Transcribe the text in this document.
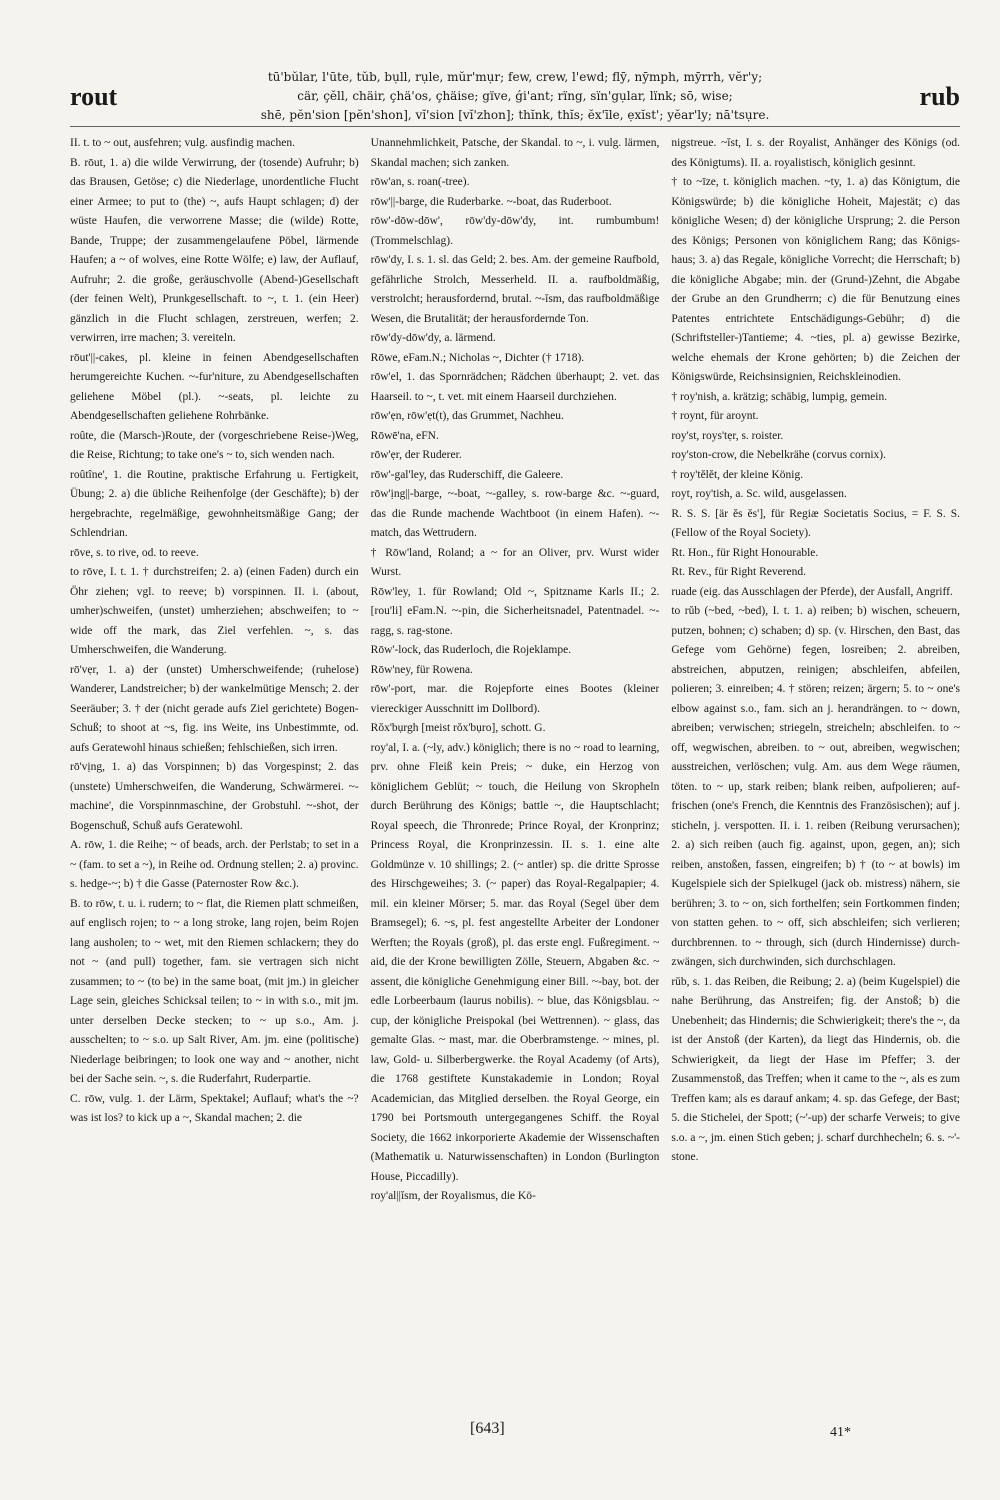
rout
tū'bŭlar, l'ūte, tŭb, bụll, rụle, mŭr'mụr; few, crew, l'ewd; flȳ, nȳmph, mȳrrh, vĕr'y;
cär, çĕll, chäir, çhä'os, çhäise; gïve, ǵi'ant; rïng, sïn'gụlar, lïnk; sō, wise;
shē, pĕn'sion [pĕn'shon], vĭ'sion [vĭ'zhon]; thĭnk, thĭs; ĕx'īle, ẹxĭst'; yĕar'ly; nā'tsụre.
rub

II. t. to ~ out, ausfehren; vulg. ausfindig machen.

B. rōut, 1. a) die wilde Verwirrung, der (tosende) Aufruhr; b) das Brausen, Getöse; c) die Niederlage, unordentliche Flucht einer Armee; to put to (the) ~, aufs Haupt schlagen; d) der wüste Haufen, die verworrene Masse; die (wilde) Rotte, Bande, Truppe; der zusammengelaufene Pöbel, lärmende Haufen; a ~ of wolves, eine Rotte Wölfe; e) law, der Auflauf, Aufruhr; 2. die große, geräuschvolle (Abend-)Gesellschaft (der feinen Welt), Prunkgesellschaft. to ~, t. 1. (ein Heer) gänzlich in die Flucht schlagen, zerstreuen, werfen; 2. verwirren, irre machen; 3. vereiteln.

rōut'||-cakes, pl. kleine in feinen Abendgesellschaften herumgereichte Kuchen. ~-fur'niture, zu Abendgesellschaften geliehene Möbel (pl.). ~-seats, pl. leichte zu Abendgesellschaften geliehene Rohrbänke.

roûte, die (Marsch-)Route, der (vorgeschriebene Reise-)Weg, die Reise, Richtung; to take one's ~ to, sich wenden nach.

roûtîne', 1. die Routine, praktische Erfahrung u. Fertigkeit, Übung; 2. a) die übliche Reihenfolge (der Geschäfte); b) der hergebrachte, regelmäßige, gewohnheitsmäßige Gang; der Schlendrian.

rōve, s. to rive, od. to reeve.

to rōve, I. t. 1. † durchstreifen; 2. a) (einen Faden) durch ein Öhr ziehen; vgl. to reeve; b) vorspinnen. II. i. (about, umher)schweifen, (unstet) umherziehen; abschweifen; to ~ wide off the mark, das Ziel verfehlen. ~, s. das Umherschweifen, die Wanderung.

rō'vẹr, 1. a) der (unstet) Umherschweifende; (ruhelose) Wanderer, Landstreicher; b) der wankelmütige Mensch; 2. der Seeräuber; 3. † der (nicht gerade aufs Ziel gerichtete) Bogen-Schuß; to shoot at ~s, fig. ins Weite, ins Unbestimmte, od. aufs Geratewohl hinaus schießen; fehlschießen, sich irren.

rō'vịng, 1. a) das Vorspinnen; b) das Vorgespinst; 2. das (unstete) Umherschweifen, die Wanderung, Schwärmerei. ~-machine', die Vorspinnmaschine, der Grobstuhl. ~-shot, der Bogenschuß, Schuß aufs Geratewohl.

A. rōw, 1. die Reihe; ~ of beads, arch. der Perlstab; to set in a ~ (fam. to set a ~), in Reihe od. Ordnung stellen; 2. a) provinc. s. hedge-~; b) † die Gasse (Paternoster Row &c.).

B. to rōw, t. u. i. rudern; to ~ flat, die Riemen platt schmeißen, auf englisch rojen; to ~ a long stroke, lang rojen, beim Rojen lang ausholen; to ~ wet, mit den Riemen schlackern; they do not ~ (and pull) together, fam. sie vertragen sich nicht zusammen; to ~ (to be) in the same boat, (mit jm.) in gleicher Lage sein, gleiches Schicksal teilen; to ~ in with s.o., mit jm. unter derselben Decke stecken; to ~ up s.o., Am. j. ausschelten; to ~ s.o. up Salt River, Am. jm. eine (politische) Niederlage beibringen; to look one way and ~ another, nicht bei der Sache sein. ~, s. die Ruderfahrt, Ruderpartie.

C. rōw, vulg. 1. der Lärm, Spektakel; Auflauf; what's the ~? was ist los? to kick up a ~, Skandal machen; 2. die

Unannehmlichkeit, Patsche, der Skandal. to ~, i. vulg. lärmen, Skandal machen; sich zanken.

rōw'an, s. roan(-tree).

rōw'||-barge, die Ruderbarke. ~-boat, das Ruderboot.

rōw'-dōw-dōw', rōw'dy-dōw'dy, int. rumbumbum! (Trommelschlag).

rōw'dy, I. s. 1. sl. das Geld; 2. bes. Am. der gemeine Raufbold, gefährliche Strolch, Messerheld. II. a. raufboldmäßig, verstrolcht; herausfordernd, brutal. ~-ĭsm, das raufboldmäßige Wesen, die Brutalität; der herausfordernde Ton.

rōw'dy-dōw'dy, a. lärmend.

Rōwe, eFam.N.; Nicholas ~, Dichter († 1718).

rōw'el, 1. das Spornrädchen; Rädchen überhaupt; 2. vet. das Haarseil. to ~, t. vet. mit einem Haarseil durchziehen.

rōw'ẹn, rōw'ẹt(t), das Grummet, Nachheu.

Rōwē'na, eFN.

rōw'ẹr, der Ruderer.

rōw'-gal'ley, das Ruderschiff, die Galeere.

rōw'ịng||-barge, ~-boat, ~-galley, s. row-barge &c. ~-guard, das die Runde machende Wachtboot (in einem Hafen). ~-match, das Wettrudern.

† Rōw'land, Roland; a ~ for an Oliver, prv. Wurst wider Wurst.

Rōw'ley, 1. für Rowland; Old ~, Spitzname Karls II.; 2. [rou'li] eFam.N. ~-pin, die Sicherheitsnadel, Patentnadel. ~-ragg, s. rag-stone.

Rōw'-lock, das Ruderloch, die Rojeklampe.

Rōw'ney, für Rowena.

rōw'-port, mar. die Rojepforte eines Bootes (kleiner viereckiger Ausschnitt im Dollbord).

Rŏx'bụrgh [meist rŏx'bụro], schott. G.

roy'al, I. a. (~ly, adv.) königlich; there is no ~ road to learning, prv. ohne Fleiß kein Preis; ~ duke, ein Herzog von königlichem Geblüt; ~ touch, die Heilung von Skropheln durch Berührung des Königs; battle ~, die Hauptschlacht; Royal speech, die Thronrede; Prince Royal, der Kronprinz; Princess Royal, die Kronprinzessin. II. s. 1. eine alte Goldmünze v. 10 shillings; 2. (~ antler) sp. die dritte Sprosse des Hirschgeweihes; 3. (~ paper) das Royal-Regalpapier; 4. mil. ein kleiner Mörser; 5. mar. das Royal (Segel über dem Bramsegel); 6. ~s, pl. fest angestellte Arbeiter der Londoner Werften; the Royals (groß), pl. das erste engl. Fußregiment. ~ aid, die der Krone bewilligten Zölle, Steuern, Abgaben &c. ~ assent, die königliche Genehmigung einer Bill. ~-bay, bot. der edle Lorbeerbaum (laurus nobilis). ~ blue, das Königsblau. ~ cup, der königliche Preispokal (bei Wettrennen). ~ glass, das gemalte Glas. ~ mast, mar. die Oberbramstenge. ~ mines, pl. law, Gold- u. Silberbergwerke. the Royal Academy (of Arts), die 1768 gestiftete Kunstakademie in London; Royal Academician, das Mitglied derselben. the Royal George, ein 1790 bei Portsmouth untergegangenes Schiff. the Royal Society, die 1662 inkorporierte Akademie der Wissenschaften (Mathematik u. Naturwissenschaften) in London (Burlington House, Piccadilly).

roy'al||ĭsm, der Royalismus, die Kö-

nigstreue. ~ĭst, I. s. der Royalist, Anhänger des Königs (od. des Königtums). II. a. royalistisch, königlich gesinnt.

† to ~īze, t. königlich machen. ~ty, 1. a) das Königtum, die Königswürde; b) die königliche Hoheit, Majestät; c) das königliche Wesen; d) der königliche Ursprung; 2. die Person des Königs; Personen von königlichem Rang; das Königshaus; 3. a) das Regale, königliche Vorrecht; die Herrschaft; b) die königliche Abgabe; min. der (Grund-)Zehnt, die Abgabe der Grube an den Grundherrn; c) die für Benutzung eines Patentes entrichtete Entschädigungs-Gebühr; d) die (Schriftsteller-)Tantieme; 4. ~ties, pl. a) gewisse Bezirke, welche ehemals der Krone gehörten; b) die Zeichen der Königswürde, Reichsinsignien, Reichskleinodien.

† roy'nish, a. krätzig; schäbig, lumpig, gemein.

† roynt, für aroynt.

roy'st, roys'tẹr, s. roister.

roy'ston-crow, die Nebelkrähe (corvus cornix).

† roy'tĕlĕt, der kleine König.

royt, roy'tish, a. Sc. wild, ausgelassen.

R. S. S. [är ĕs ĕs'], für Regiæ Societatis Socius, = F. S. S. (Fellow of the Royal Society).

Rt. Hon., für Right Honourable.

Rt. Rev., für Right Reverend.

ruade (eig. das Ausschlagen der Pferde), der Ausfall, Angriff.

to rŭb (~bed, ~bed), I. t. 1. a) reiben; b) wischen, scheuern, putzen, bohnen; c) schaben; d) sp. (v. Hirschen, den Bast, das Gefege vom Gehörne) fegen, losreiben; 2. abreiben, abstreichen, abputzen, reinigen; abschleifen, abfeilen, polieren; 3. einreiben; 4. † stören; reizen; ärgern; 5. to ~ one's elbow against s.o., fam. sich an j. herandrängen. to ~ down, abreiben; verwischen; striegeln, streicheln; abschleifen. to ~ off, wegwischen, abreiben. to ~ out, abreiben, wegwischen; ausstreichen, verlöschen; vulg. Am. aus dem Wege räumen, töten. to ~ up, stark reiben; blank reiben, aufpolieren; auffrischen (one's French, die Kenntnis des Französischen); auf j. sticheln, j. verspotten. II. i. 1. reiben (Reibung verursachen); 2. a) sich reiben (auch fig. against, upon, gegen, an); sich reiben, anstoßen, fassen, eingreifen; b) † (to ~ at bowls) im Kugelspiele sich der Spielkugel (jack ob. mistress) nähern, sie berühren; 3. to ~ on, sich forthelfen; sein Fortkommen finden; von statten gehen. to ~ off, sich abschleifen; sich verlieren; durchbrennen. to ~ through, sich (durch Hindernisse) durchzwängen, sich durchwinden, sich durchschlagen.

rŭb, s. 1. das Reiben, die Reibung; 2. a) (beim Kugelspiel) die nahe Berührung, das Anstreifen; fig. der Anstoß; b) die Unebenheit; das Hindernis; die Schwierigkeit; there's the ~, da ist der Anstoß (der Karten), da liegt das Hindernis, ob. die Schwierigkeit, da liegt der Hase im Pfeffer; 3. der Zusammenstoß, das Treffen; when it came to the ~, als es zum Treffen kam; als es darauf ankam; 4. sp. das Gefege, der Bast; 5. die Stichelei, der Spott; (~'-up) der scharfe Verweis; to give s.o. a ~, jm. einen Stich geben; j. scharf durchhecheln; 6. s. ~'-stone.

[643]	41*
